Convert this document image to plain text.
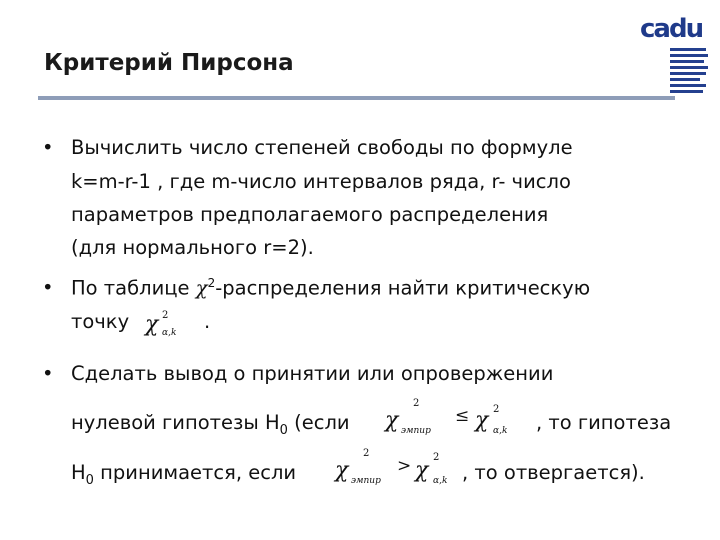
Критерий Пирсона
cadu
• Вычислить число степеней свободы по формуле
k=m-r-1 , где m-число интервалов ряда, r- число
параметров предполагаемого распределения
(для нормального r=2).
• По таблице $\chi^2$-распределения найти критическую
точку χ 2
α,k .
• Сделать вывод о принятии или опровержении
нулевой гипотезы $H_0$ (если χ
2
эмпир
≤ χ 2
α,k , то гипотеза
$H_0$ принимается, если χ
2
эмпир
> χ
2
α,k , то отвергается).
